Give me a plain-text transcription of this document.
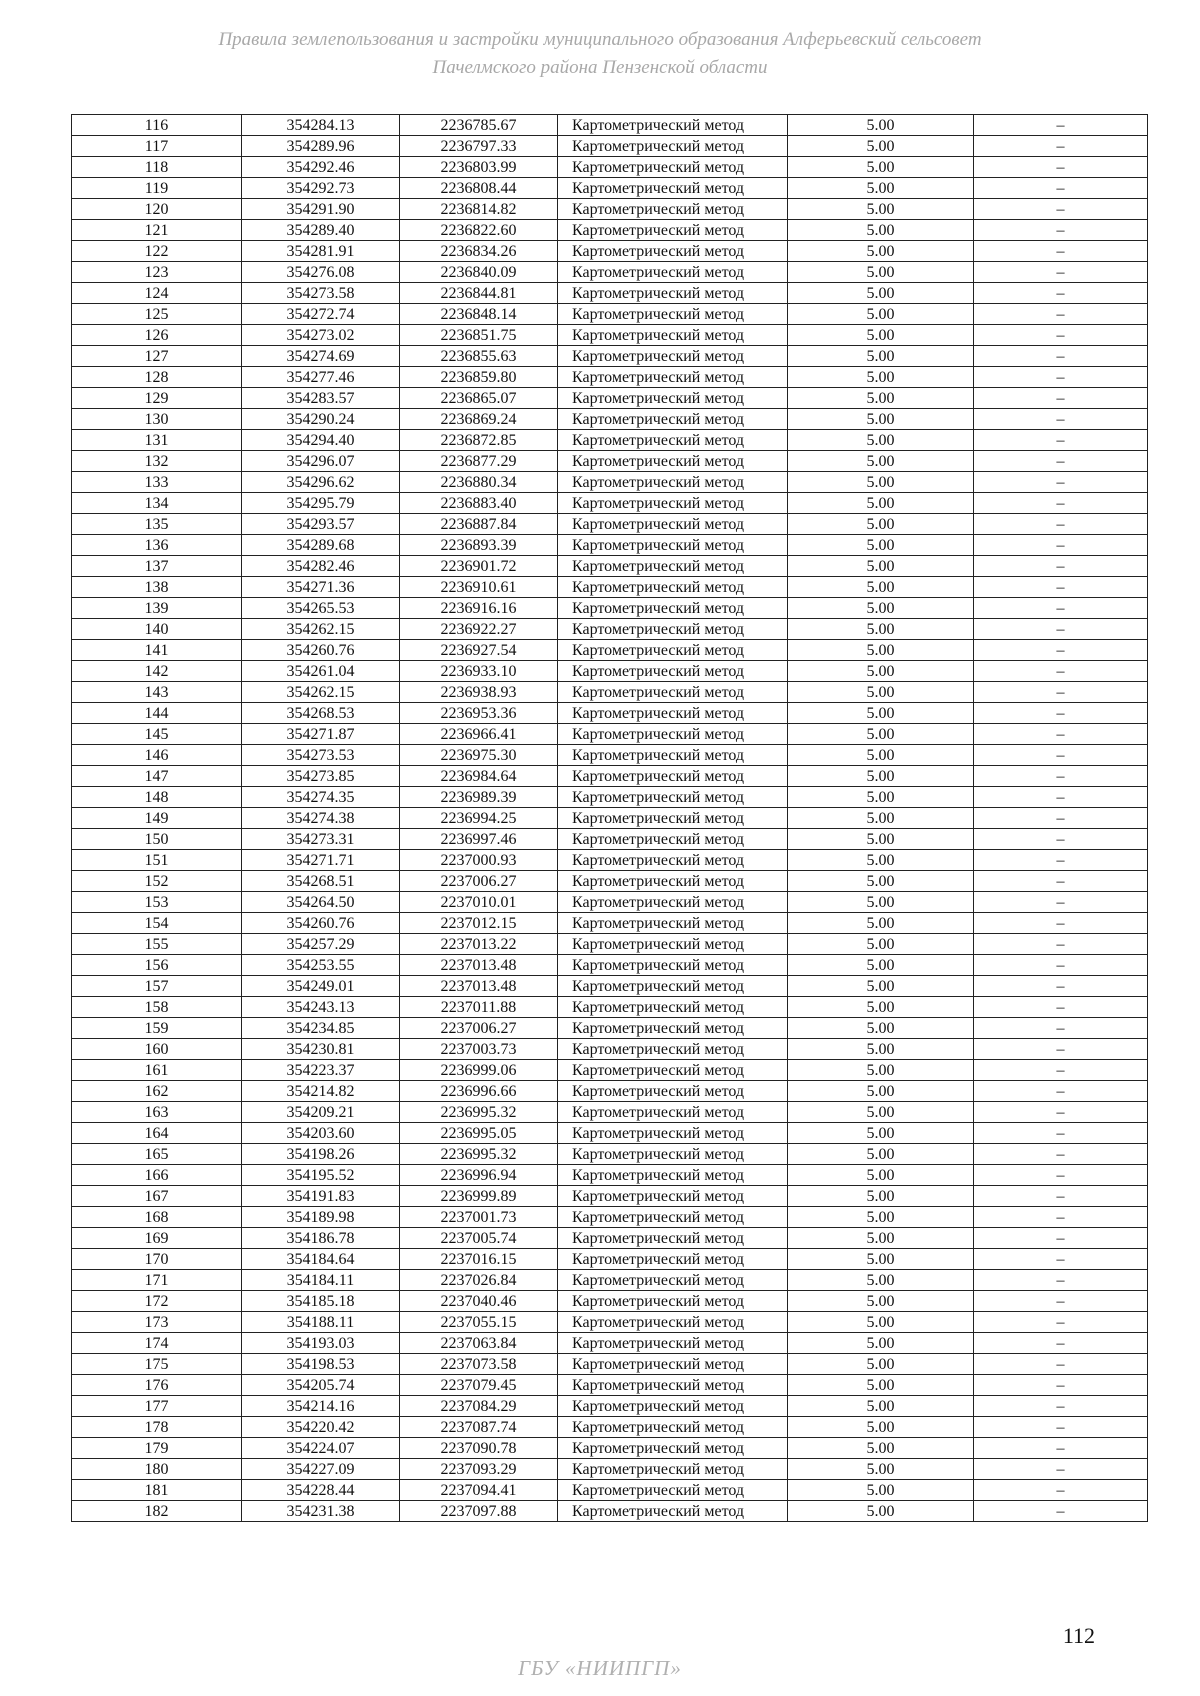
Правила землепользования и застройки муниципального образования Алферьевский сельсовет
Пачелмского района Пензенской области
116	354284.13	2236785.67	Картометрический метод	5.00	–
117	354289.96	2236797.33	Картометрический метод	5.00	–
118	354292.46	2236803.99	Картометрический метод	5.00	–
119	354292.73	2236808.44	Картометрический метод	5.00	–
120	354291.90	2236814.82	Картометрический метод	5.00	–
121	354289.40	2236822.60	Картометрический метод	5.00	–
122	354281.91	2236834.26	Картометрический метод	5.00	–
123	354276.08	2236840.09	Картометрический метод	5.00	–
124	354273.58	2236844.81	Картометрический метод	5.00	–
125	354272.74	2236848.14	Картометрический метод	5.00	–
126	354273.02	2236851.75	Картометрический метод	5.00	–
127	354274.69	2236855.63	Картометрический метод	5.00	–
128	354277.46	2236859.80	Картометрический метод	5.00	–
129	354283.57	2236865.07	Картометрический метод	5.00	–
130	354290.24	2236869.24	Картометрический метод	5.00	–
131	354294.40	2236872.85	Картометрический метод	5.00	–
132	354296.07	2236877.29	Картометрический метод	5.00	–
133	354296.62	2236880.34	Картометрический метод	5.00	–
134	354295.79	2236883.40	Картометрический метод	5.00	–
135	354293.57	2236887.84	Картометрический метод	5.00	–
136	354289.68	2236893.39	Картометрический метод	5.00	–
137	354282.46	2236901.72	Картометрический метод	5.00	–
138	354271.36	2236910.61	Картометрический метод	5.00	–
139	354265.53	2236916.16	Картометрический метод	5.00	–
140	354262.15	2236922.27	Картометрический метод	5.00	–
141	354260.76	2236927.54	Картометрический метод	5.00	–
142	354261.04	2236933.10	Картометрический метод	5.00	–
143	354262.15	2236938.93	Картометрический метод	5.00	–
144	354268.53	2236953.36	Картометрический метод	5.00	–
145	354271.87	2236966.41	Картометрический метод	5.00	–
146	354273.53	2236975.30	Картометрический метод	5.00	–
147	354273.85	2236984.64	Картометрический метод	5.00	–
148	354274.35	2236989.39	Картометрический метод	5.00	–
149	354274.38	2236994.25	Картометрический метод	5.00	–
150	354273.31	2236997.46	Картометрический метод	5.00	–
151	354271.71	2237000.93	Картометрический метод	5.00	–
152	354268.51	2237006.27	Картометрический метод	5.00	–
153	354264.50	2237010.01	Картометрический метод	5.00	–
154	354260.76	2237012.15	Картометрический метод	5.00	–
155	354257.29	2237013.22	Картометрический метод	5.00	–
156	354253.55	2237013.48	Картометрический метод	5.00	–
157	354249.01	2237013.48	Картометрический метод	5.00	–
158	354243.13	2237011.88	Картометрический метод	5.00	–
159	354234.85	2237006.27	Картометрический метод	5.00	–
160	354230.81	2237003.73	Картометрический метод	5.00	–
161	354223.37	2236999.06	Картометрический метод	5.00	–
162	354214.82	2236996.66	Картометрический метод	5.00	–
163	354209.21	2236995.32	Картометрический метод	5.00	–
164	354203.60	2236995.05	Картометрический метод	5.00	–
165	354198.26	2236995.32	Картометрический метод	5.00	–
166	354195.52	2236996.94	Картометрический метод	5.00	–
167	354191.83	2236999.89	Картометрический метод	5.00	–
168	354189.98	2237001.73	Картометрический метод	5.00	–
169	354186.78	2237005.74	Картометрический метод	5.00	–
170	354184.64	2237016.15	Картометрический метод	5.00	–
171	354184.11	2237026.84	Картометрический метод	5.00	–
172	354185.18	2237040.46	Картометрический метод	5.00	–
173	354188.11	2237055.15	Картометрический метод	5.00	–
174	354193.03	2237063.84	Картометрический метод	5.00	–
175	354198.53	2237073.58	Картометрический метод	5.00	–
176	354205.74	2237079.45	Картометрический метод	5.00	–
177	354214.16	2237084.29	Картометрический метод	5.00	–
178	354220.42	2237087.74	Картометрический метод	5.00	–
179	354224.07	2237090.78	Картометрический метод	5.00	–
180	354227.09	2237093.29	Картометрический метод	5.00	–
181	354228.44	2237094.41	Картометрический метод	5.00	–
182	354231.38	2237097.88	Картометрический метод	5.00	–
112
ГБУ «НИИПГП»
